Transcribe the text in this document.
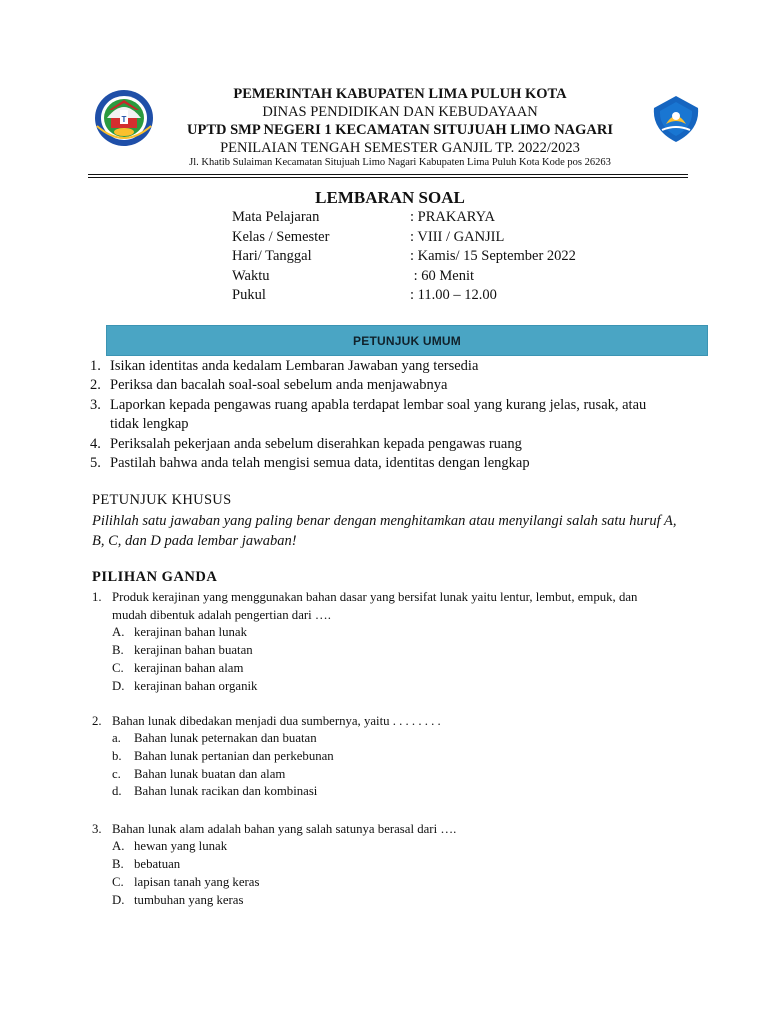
T
PEMERINTAH KABUPATEN LIMA PULUH KOTA
DINAS PENDIDIKAN DAN KEBUDAYAAN
UPTD SMP NEGERI 1 KECAMATAN SITUJUAH LIMO NAGARI
PENILAIAN TENGAH SEMESTER GANJIL TP. 2022/2023
Jl. Khatib Sulaiman Kecamatan Situjuah Limo Nagari Kabupaten Lima Puluh Kota Kode pos 26263
LEMBARAN SOAL
Mata Pelajaran	: PRAKARYA
Kelas / Semester	: VIII / GANJIL
Hari/ Tanggal	: Kamis/ 15 September 2022
Waktu	: 60 Menit
Pukul	: 11.00 – 12.00
PETUNJUK UMUM
1. Isikan identitas anda kedalam Lembaran Jawaban yang tersedia
2. Periksa dan bacalah soal-soal sebelum anda menjawabnya
3. Laporkan kepada pengawas ruang apabla terdapat lembar soal yang kurang jelas, rusak, atau tidak lengkap
4. Periksalah pekerjaan anda sebelum diserahkan kepada pengawas ruang
5. Pastilah bahwa anda telah mengisi semua data, identitas dengan lengkap
PETUNJUK KHUSUS
Pilihlah satu jawaban yang paling benar dengan menghitamkan atau menyilangi salah satu huruf A, B, C, dan D pada lembar jawaban!
PILIHAN GANDA
1. Produk kerajinan yang menggunakan bahan dasar yang bersifat lunak yaitu lentur, lembut, empuk, dan mudah dibentuk adalah pengertian dari ….
A. kerajinan bahan lunak
B. kerajinan bahan buatan
C. kerajinan bahan alam
D. kerajinan bahan organik
2. Bahan lunak dibedakan menjadi dua sumbernya, yaitu . . . . . . . .
a. Bahan lunak peternakan dan buatan
b. Bahan lunak pertanian dan perkebunan
c. Bahan lunak buatan dan alam
d. Bahan lunak racikan dan kombinasi
3. Bahan lunak alam adalah bahan yang salah satunya berasal dari ….
A. hewan yang lunak
B. bebatuan
C. lapisan tanah yang keras
D. tumbuhan yang keras
